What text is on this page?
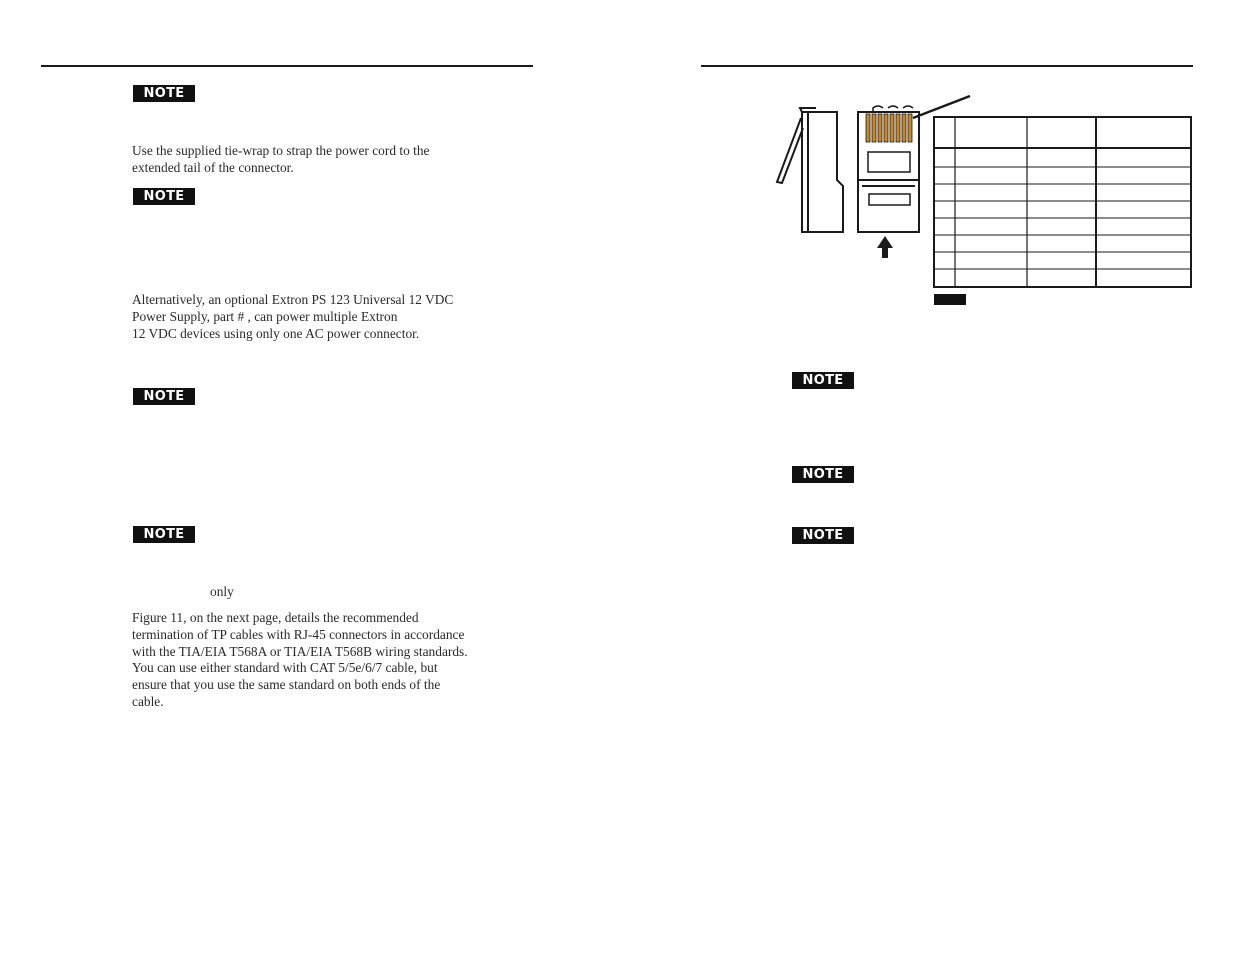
NOTE

Use the supplied tie-wrap to strap the power cord to the
extended tail of the connector.

NOTE

Alternatively, an optional Extron PS 123 Universal 12 VDC
Power Supply, part # , can power multiple Extron
12 VDC devices using only one AC power connector.

NOTE
NOTE
only

Figure 11, on the next page, details the recommended
termination of TP cables with RJ-45 connectors in accordance
with the TIA/EIA T568A or TIA/EIA T568B wiring standards.
You can use either standard with CAT 5/5e/6/7 cable, but
ensure that you use the same standard on both ends of the
cable.

NOTE
NOTE
NOTE
